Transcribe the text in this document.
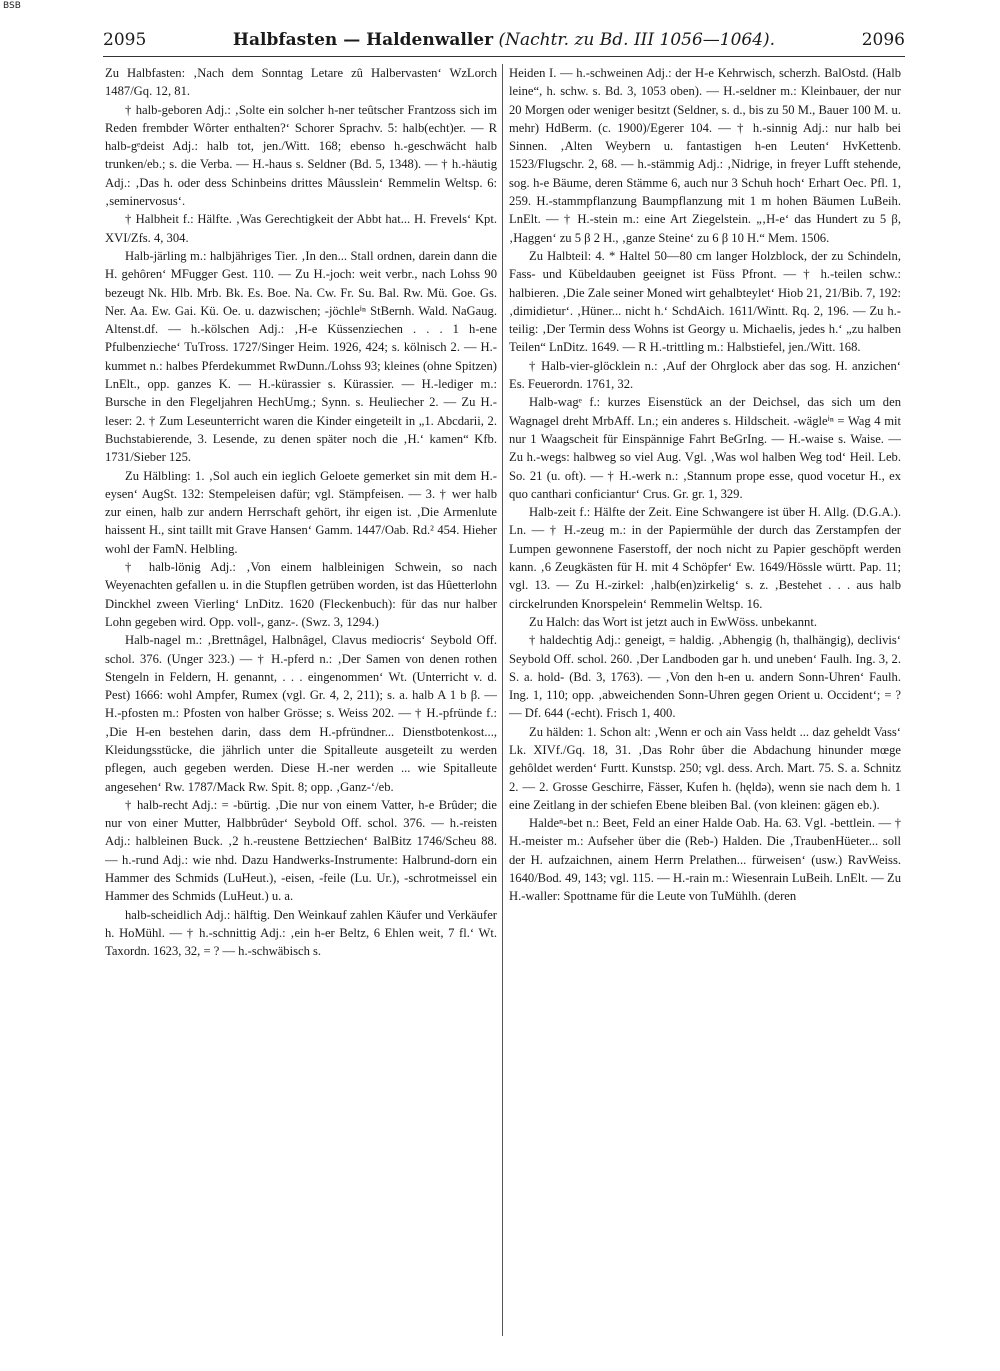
BSB
2095	Halbfasten — Haldenwaller (Nachtr. zu Bd. III 1056—1064).	2096

Zu Halbfasten: ‚Nach dem Sonntag Letare zû Halbervasten‘ WzLorch 1487/Gq. 12, 81.

† halb-geboren Adj.: ‚Solte ein solcher h-ner teûtscher Frantzoss sich im Reden frembder Wôrter enthalten?‘ Schorer Sprachv. 5: halb(echt)er. — R halb-gᵉdeist Adj.: halb tot, jen./Witt. 168; ebenso h.-geschwächt halb trunken/eb.; s. die Verba. — H.-haus s. Seldner (Bd. 5, 1348). — † h.-häutig Adj.: ‚Das h. oder dess Schinbeins drittes Mâusslein‘ Remmelin Weltsp. 6: ‚seminervosus‘.

† Halbheit f.: Hälfte. ‚Was Gerechtigkeit der Abbt hat... H. Frevels‘ Kpt. XVI/Zfs. 4, 304.

Halb-järling m.: halbjähriges Tier. ‚In den... Stall ordnen, darein dann die H. gehôren‘ MFugger Gest. 110. — Zu H.-joch: weit verbr., nach Lohss 90 bezeugt Nk. Hlb. Mrb. Bk. Es. Boe. Na. Cw. Fr. Su. Bal. Rw. Mü. Goe. Gs. Ner. Aa. Ew. Gai. Kü. Oe. u. dazwischen; -jöchleⁱⁿ StBernh. Wald. NaGaug. Altenst.df. — h.-kölschen Adj.: ‚H-e Küssenziechen . . . 1 h-ene Pfulbenzieche‘ TuTross. 1727/Singer Heim. 1926, 424; s. kölnisch 2. — H.-kummet n.: halbes Pferdekummet RwDunn./Lohss 93; kleines (ohne Spitzen) LnElt., opp. ganzes K. — H.-kürassier s. Kürassier. — H.-lediger m.: Bursche in den Flegeljahren HechUmg.; Synn. s. Heuliecher 2. — Zu H.-leser: 2. † Zum Leseunterricht waren die Kinder eingeteilt in „1. Abcdarii, 2. Buchstabierende, 3. Lesende, zu denen später noch die ‚H.‘ kamen“ Kfb. 1731/Sieber 125.

Zu Hälbling: 1. ‚Sol auch ein ieglich Geloete gemerket sin mit dem H.-eysen‘ AugSt. 132: Stempeleisen dafür; vgl. Stämpfeisen. — 3. † wer halb zur einen, halb zur andern Herrschaft gehört, ihr eigen ist. ‚Die Armenlute haissent H., sint taillt mit Grave Hansen‘ Gamm. 1447/Oab. Rd.² 454. Hieher wohl der FamN. Helbling.

† halb-lönig Adj.: ‚Von einem halbleinigen Schwein, so nach Weyenachten gefallen u. in die Stupflen getrüben worden, ist das Hûetterlohn Dinckhel zween Vierling‘ LnDitz. 1620 (Fleckenbuch): für das nur halber Lohn gegeben wird. Opp. voll-, ganz-. (Swz. 3, 1294.)

Halb-nagel m.: ‚Brettnâgel, Halbnâgel, Clavus mediocris‘ Seybold Off. schol. 376. (Unger 323.) — † H.-pferd n.: ‚Der Samen von denen rothen Stengeln in Feldern, H. genannt, . . . eingenommen‘ Wt. (Unterricht v. d. Pest) 1666: wohl Ampfer, Rumex (vgl. Gr. 4, 2, 211); s. a. halb A 1 b β. — H.-pfosten m.: Pfosten von halber Grösse; s. Weiss 202. — † H.-pfründe f.: ‚Die H-en bestehen darin, dass dem H.-pfründner... Dienstbotenkost..., Kleidungsstücke, die jährlich unter die Spitalleute ausgeteilt zu werden pflegen, auch gegeben werden. Diese H.-ner werden ... wie Spitalleute angesehen‘ Rw. 1787/Mack Rw. Spit. 8; opp. ‚Ganz-‘/eb.

† halb-recht Adj.: = -bürtig. ‚Die nur von einem Vatter, h-e Brûder; die nur von einer Mutter, Halbbrûder‘ Seybold Off. schol. 376. — h.-reisten Adj.: halbleinen Buck. ‚2 h.-reustene Bettziechen‘ BalBitz 1746/Scheu 88. — h.-rund Adj.: wie nhd. Dazu Handwerks-Instrumente: Halbrund-dorn ein Hammer des Schmids (LuHeut.), -eisen, -feile (Lu. Ur.), -schrotmeissel ein Hammer des Schmids (LuHeut.) u. a.

halb-scheidlich Adj.: hälftig. Den Weinkauf zahlen Käufer und Verkäufer h. HoMühl. — † h.-schnittig Adj.: ‚ein h-er Beltz, 6 Ehlen weit, 7 fl.‘ Wt. Taxordn. 1623, 32, = ? — h.-schwäbisch s.

Heiden I. — h.-schweinen Adj.: der H-e Kehrwisch, scherzh. BalOstd. (Halb leine“, h. schw. s. Bd. 3, 1053 oben). — H.-seldner m.: Kleinbauer, der nur 20 Morgen oder weniger besitzt (Seldner, s. d., bis zu 50 M., Bauer 100 M. u. mehr) HdBerm. (c. 1900)/Egerer 104. — † h.-sinnig Adj.: nur halb bei Sinnen. ‚Alten Weybern u. fantastigen h-en Leuten‘ HvKettenb. 1523/Flugschr. 2, 68. — h.-stämmig Adj.: ‚Nidrige, in freyer Lufft stehende, sog. h-e Bäume, deren Stämme 6, auch nur 3 Schuh hoch‘ Erhart Oec. Pfl. 1, 259. H.-stammpflanzung Baumpflanzung mit 1 m hohen Bäumen LuBeih. LnElt. — † H.-stein m.: eine Art Ziegelstein. „‚H-e‘ das Hundert zu 5 β, ‚Haggen‘ zu 5 β 2 H., ‚ganze Steine‘ zu 6 β 10 H.“ Mem. 1506.

Zu Halbteil: 4. * Haltel 50—80 cm langer Holzblock, der zu Schindeln, Fass- und Kübeldauben geeignet ist Füss Pfront. — † h.-teilen schw.: halbieren. ‚Die Zale seiner Moned wirt gehalbteylet‘ Hiob 21, 21/Bib. 7, 192: ‚dimidietur‘. ‚Hüner... nicht h.‘ SchdAich. 1611/Wintt. Rq. 2, 196. — Zu h.-teilig: ‚Der Termin dess Wohns ist Georgy u. Michaelis, jedes h.‘ „zu halben Teilen“ LnDitz. 1649. — R H.-trittling m.: Halbstiefel, jen./Witt. 168.

† Halb-vier-glöcklein n.: ‚Auf der Ohrglock aber das sog. H. anzichen‘ Es. Feuerordn. 1761, 32.

Halb-wagᵉ f.: kurzes Eisenstück an der Deichsel, das sich um den Wagnagel dreht MrbAff. Ln.; ein anderes s. Hildscheit. -wägleⁱⁿ = Wag 4 mit nur 1 Waagscheit für Einspännige Fahrt BeGrIng. — H.-waise s. Waise. — Zu h.-wegs: halbweg so viel Aug. Vgl. ‚Was wol halben Weg tod‘ Heil. Leb. So. 21 (u. oft). — † H.-werk n.: ‚Stannum prope esse, quod vocetur H., ex quo canthari conficiantur‘ Crus. Gr. gr. 1, 329.

Halb-zeit f.: Hälfte der Zeit. Eine Schwangere ist über H. Allg. (D.G.A.). Ln. — † H.-zeug m.: in der Papiermühle der durch das Zerstampfen der Lumpen gewonnene Faserstoff, der noch nicht zu Papier geschöpft werden kann. ‚6 Zeugkästen für H. mit 4 Schöpfer‘ Ew. 1649/Hössle württ. Pap. 11; vgl. 13. — Zu H.-zirkel: ‚halb(en)zirkelig‘ s. z. ‚Bestehet . . . aus halb circkelrunden Knorspelein‘ Remmelin Weltsp. 16.

Zu Halch: das Wort ist jetzt auch in EwWöss. unbekannt.

† haldechtig Adj.: geneigt, = haldig. ‚Abhengig (h, thalhängig), declivis‘ Seybold Off. schol. 260. ‚Der Landboden gar h. und uneben‘ Faulh. Ing. 3, 2. S. a. hold- (Bd. 3, 1763). — ‚Von den h-en u. andern Sonn-Uhren‘ Faulh. Ing. 1, 110; opp. ‚abweichenden Sonn-Uhren gegen Orient u. Occident‘; = ? — Df. 644 (-echt). Frisch 1, 400.

Zu hälden: 1. Schon alt: ‚Wenn er och ain Vass heldt ... daz geheldt Vass‘ Lk. XIVf./Gq. 18, 31. ‚Das Rohr ûber die Abdachung hinunder mœge gehôldet werden‘ Furtt. Kunstsp. 250; vgl. dess. Arch. Mart. 75. S. a. Schnitz 2. — 2. Grosse Geschirre, Fässer, Kufen h. (hęldə), wenn sie nach dem h. 1 eine Zeitlang in der schiefen Ebene bleiben Bal. (von kleinen: gägen eb.).

Haldeⁿ-bet n.: Beet, Feld an einer Halde Oab. Ha. 63. Vgl. -bettlein. — † H.-meister m.: Aufseher über die (Reb-) Halden. Die ‚TraubenHüeter... soll der H. aufzaichnen, ainem Herrn Prelathen... fürweisen‘ (usw.) RavWeiss. 1640/Bod. 49, 143; vgl. 115. — H.-rain m.: Wiesenrain LuBeih. LnElt. — Zu H.-waller: Spottname für die Leute von TuMühlh. (deren
